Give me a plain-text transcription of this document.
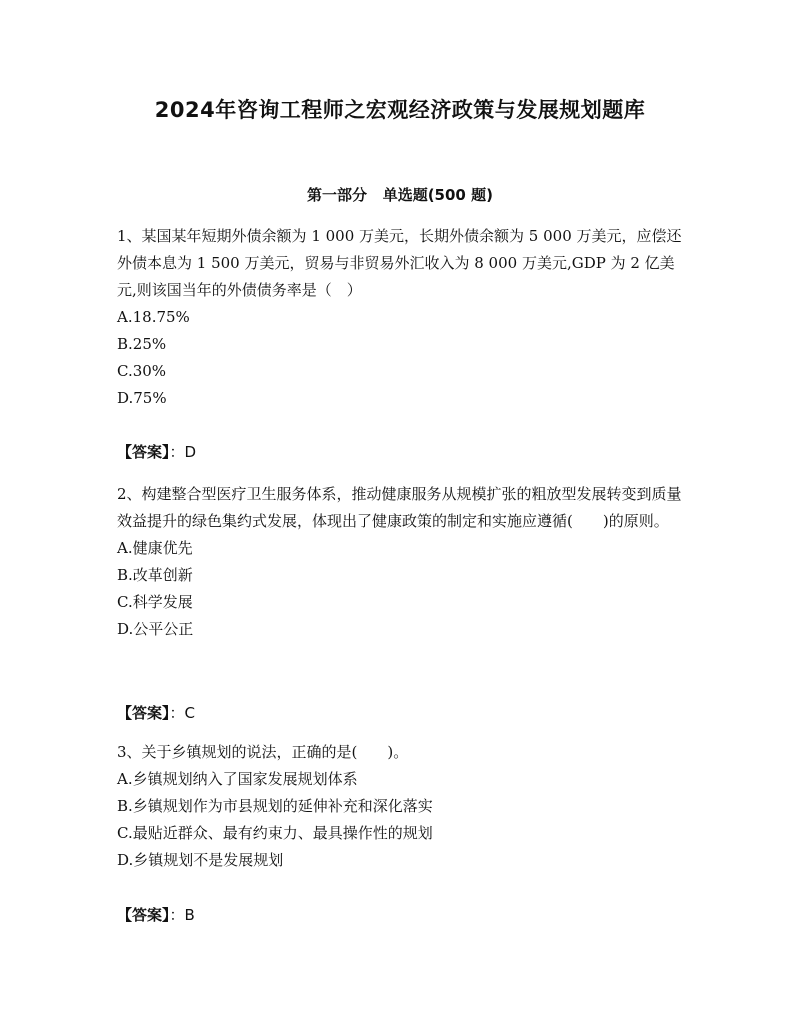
2024年咨询工程师之宏观经济政策与发展规划题库
第一部分   单选题(500 题)

1、某国某年短期外债余额为 1 000 万美元，长期外债余额为 5 000 万美元，应偿还外债本息为 1 500 万美元，贸易与非贸易外汇收入为 8 000 万美元,GDP 为 2 亿美元,则该国当年的外债债务率是（　）

A.18.75%

B.25%

C.30%

D.75%

【答案】：D

2、构建整合型医疗卫生服务体系，推动健康服务从规模扩张的粗放型发展转变到质量效益提升的绿色集约式发展，体现出了健康政策的制定和实施应遵循(　　)的原则。

A.健康优先

B.改革创新

C.科学发展

D.公平公正

【答案】：C

3、关于乡镇规划的说法，正确的是(　　)。

A.乡镇规划纳入了国家发展规划体系

B.乡镇规划作为市县规划的延伸补充和深化落实

C.最贴近群众、最有约束力、最具操作性的规划

D.乡镇规划不是发展规划

【答案】：B
